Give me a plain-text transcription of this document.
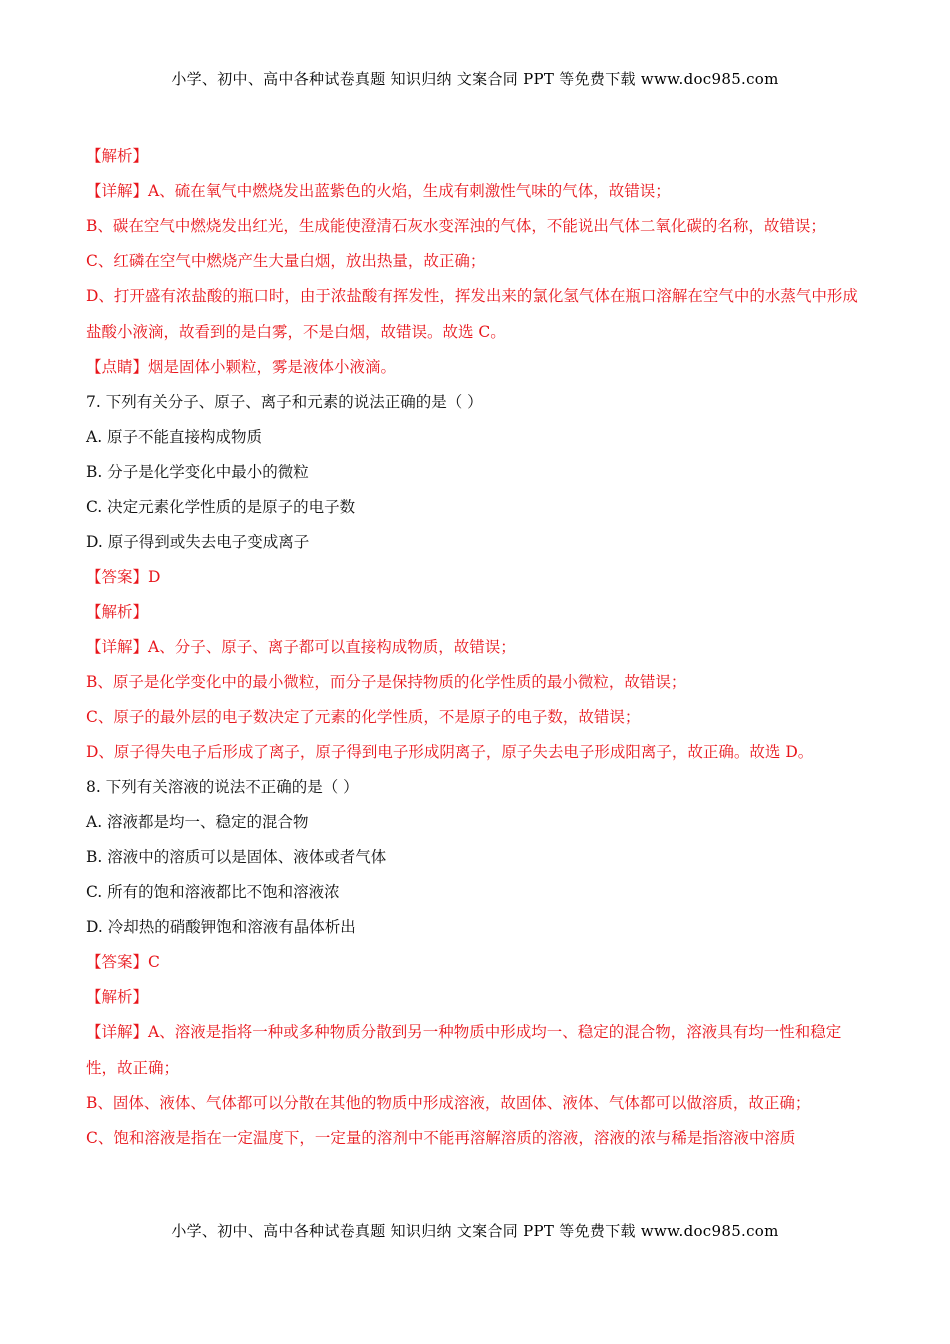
小学、初中、高中各种试卷真题 知识归纳 文案合同 PPT 等免费下载 www.doc985.com
【解析】
【详解】A、硫在氧气中燃烧发出蓝紫色的火焰，生成有刺激性气味的气体，故错误；
B、碳在空气中燃烧发出红光，生成能使澄清石灰水变浑浊的气体，不能说出气体二氧化碳的名称，故错误；
C、红磷在空气中燃烧产生大量白烟，放出热量，故正确；
D、打开盛有浓盐酸的瓶口时，由于浓盐酸有挥发性，挥发出来的氯化氢气体在瓶口溶解在空气中的水蒸气中形成盐酸小液滴，故看到的是白雾，不是白烟，故错误。故选 C。
【点睛】烟是固体小颗粒，雾是液体小液滴。
7. 下列有关分子、原子、离子和元素的说法正确的是（ ）
A. 原子不能直接构成物质
B. 分子是化学变化中最小的微粒
C. 决定元素化学性质的是原子的电子数
D. 原子得到或失去电子变成离子
【答案】D
【解析】
【详解】A、分子、原子、离子都可以直接构成物质，故错误；
B、原子是化学变化中的最小微粒，而分子是保持物质的化学性质的最小微粒，故错误；
C、原子的最外层的电子数决定了元素的化学性质，不是原子的电子数，故错误；
D、原子得失电子后形成了离子，原子得到电子形成阴离子，原子失去电子形成阳离子，故正确。故选 D。
8. 下列有关溶液的说法不正确的是（ ）
A. 溶液都是均一、稳定的混合物
B. 溶液中的溶质可以是固体、液体或者气体
C. 所有的饱和溶液都比不饱和溶液浓
D. 冷却热的硝酸钾饱和溶液有晶体析出
【答案】C
【解析】
【详解】A、溶液是指将一种或多种物质分散到另一种物质中形成均一、稳定的混合物，溶液具有均一性和稳定性，故正确；
B、固体、液体、气体都可以分散在其他的物质中形成溶液，故固体、液体、气体都可以做溶质，故正确；
C、饱和溶液是指在一定温度下，一定量的溶剂中不能再溶解溶质的溶液，溶液的浓与稀是指溶液中溶质
小学、初中、高中各种试卷真题 知识归纳 文案合同 PPT 等免费下载 www.doc985.com
